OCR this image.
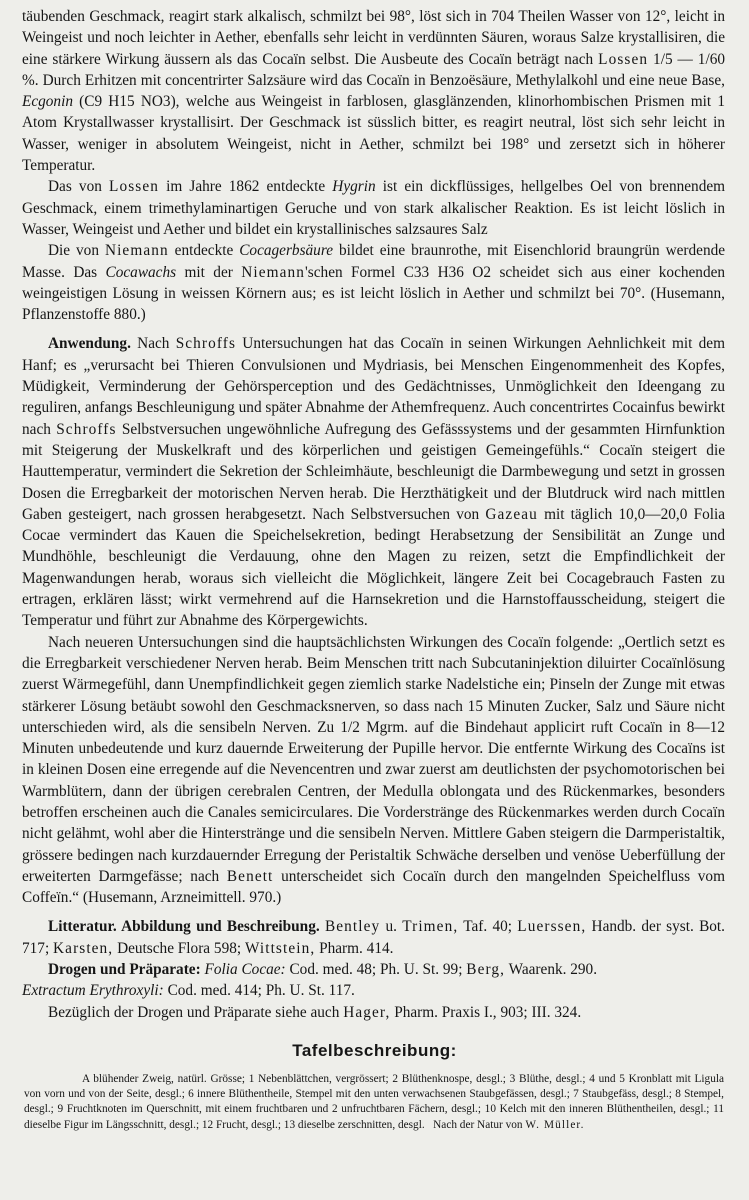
täubenden Geschmack, reagirt stark alkalisch, schmilzt bei 98°, löst sich in 704 Theilen Wasser von 12°, leicht in Weingeist und noch leichter in Aether, ebenfalls sehr leicht in verdünnten Säuren, woraus Salze krystallisiren, die eine stärkere Wirkung äussern als das Cocaïn selbst. Die Ausbeute des Cocaïn beträgt nach Lossen 1/5 — 1/60 %. Durch Erhitzen mit concentrirter Salzsäure wird das Cocaïn in Benzoësäure, Methylalkohl und eine neue Base, Ecgonin (C9 H15 NO3), welche aus Weingeist in farblosen, glasglänzenden, klinorhombischen Prismen mit 1 Atom Krystallwasser krystallisirt. Der Geschmack ist süsslich bitter, es reagirt neutral, löst sich sehr leicht in Wasser, weniger in absolutem Weingeist, nicht in Aether, schmilzt bei 198° und zersetzt sich in höherer Temperatur.

Das von Lossen im Jahre 1862 entdeckte Hygrin ist ein dickflüssiges, hellgelbes Oel von brennendem Geschmack, einem trimethylaminartigen Geruche und von stark alkalischer Reaktion. Es ist leicht löslich in Wasser, Weingeist und Aether und bildet ein krystallinisches salzsaures Salz

Die von Niemann entdeckte Cocagerbsäure bildet eine braunrothe, mit Eisenchlorid braungrün werdende Masse. Das Cocawachs mit der Niemann'schen Formel C33 H36 O2 scheidet sich aus einer kochenden weingeistigen Lösung in weissen Körnern aus; es ist leicht löslich in Aether und schmilzt bei 70°. (Husemann, Pflanzenstoffe 880.)

Anwendung. Nach Schroffs Untersuchungen hat das Cocaïn in seinen Wirkungen Aehnlichkeit mit dem Hanf; es „verursacht bei Thieren Convulsionen und Mydriasis, bei Menschen Eingenommenheit des Kopfes, Müdigkeit, Verminderung der Gehörsperception und des Gedächtnisses, Unmöglichkeit den Ideengang zu reguliren, anfangs Beschleunigung und später Abnahme der Athemfrequenz. Auch concentrirtes Cocainfus bewirkt nach Schroffs Selbstversuchen ungewöhnliche Aufregung des Gefässsystems und der gesammten Hirnfunktion mit Steigerung der Muskelkraft und des körperlichen und geistigen Gemeingefühls.“ Cocaïn steigert die Hauttemperatur, vermindert die Sekretion der Schleimhäute, beschleunigt die Darmbewegung und setzt in grossen Dosen die Erregbarkeit der motorischen Nerven herab. Die Herzthätigkeit und der Blutdruck wird nach mittlen Gaben gesteigert, nach grossen herabgesetzt. Nach Selbstversuchen von Gazeau mit täglich 10,0—20,0 Folia Cocae vermindert das Kauen die Speichelsekretion, bedingt Herabsetzung der Sensibilität an Zunge und Mundhöhle, beschleunigt die Verdauung, ohne den Magen zu reizen, setzt die Empfindlichkeit der Magenwandungen herab, woraus sich vielleicht die Möglichkeit, längere Zeit bei Cocagebrauch Fasten zu ertragen, erklären lässt; wirkt vermehrend auf die Harnsekretion und die Harnstoffausscheidung, steigert die Temperatur und führt zur Abnahme des Körpergewichts.

Nach neueren Untersuchungen sind die hauptsächlichsten Wirkungen des Cocaïn folgende: „Oertlich setzt es die Erregbarkeit verschiedener Nerven herab. Beim Menschen tritt nach Subcutaninjektion diluirter Cocaïnlösung zuerst Wärmegefühl, dann Unempfindlichkeit gegen ziemlich starke Nadelstiche ein; Pinseln der Zunge mit etwas stärkerer Lösung betäubt sowohl den Geschmacksnerven, so dass nach 15 Minuten Zucker, Salz und Säure nicht unterschieden wird, als die sensibeln Nerven. Zu 1/2 Mgrm. auf die Bindehaut applicirt ruft Cocaïn in 8—12 Minuten unbedeutende und kurz dauernde Erweiterung der Pupille hervor. Die entfernte Wirkung des Cocaïns ist in kleinen Dosen eine erregende auf die Nevencentren und zwar zuerst am deutlichsten der psychomotorischen bei Warmblütern, dann der übrigen cerebralen Centren, der Medulla oblongata und des Rückenmarkes, besonders betroffen erscheinen auch die Canales semicirculares. Die Vorderstränge des Rückenmarkes werden durch Cocaïn nicht gelähmt, wohl aber die Hinterstränge und die sensibeln Nerven. Mittlere Gaben steigern die Darmperistaltik, grössere bedingen nach kurzdauernder Erregung der Peristaltik Schwäche derselben und venöse Ueberfüllung der erweiterten Darmgefässe; nach Benett unterscheidet sich Cocaïn durch den mangelnden Speichelfluss vom Coffeïn.“ (Husemann, Arzneimittell. 970.)

Litteratur. Abbildung und Beschreibung. Bentley u. Trimen, Taf. 40; Luerssen, Handb. der syst. Bot. 717; Karsten, Deutsche Flora 598; Wittstein, Pharm. 414.

Drogen und Präparate: Folia Cocae: Cod. med. 48; Ph. U. St. 99; Berg, Waarenk. 290.
Extractum Erythroxyli: Cod. med. 414; Ph. U. St. 117.

Bezüglich der Drogen und Präparate siehe auch Hager, Pharm. Praxis I., 903; III. 324.

Tafelbeschreibung:

A blühender Zweig, natürl. Grösse; 1 Nebenblättchen, vergrössert; 2 Blüthenknospe, desgl.; 3 Blüthe, desgl.; 4 und 5 Kronblatt mit Ligula von vorn und von der Seite, desgl.; 6 innere Blüthentheile, Stempel mit den unten verwachsenen Staubgefässen, desgl.; 7 Staubgefäss, desgl.; 8 Stempel, desgl.; 9 Fruchtknoten im Querschnitt, mit einem fruchtbaren und 2 unfruchtbaren Fächern, desgl.; 10 Kelch mit den inneren Blüthentheilen, desgl.; 11 dieselbe Figur im Längsschnitt, desgl.; 12 Frucht, desgl.; 13 dieselbe zerschnitten, desgl. Nach der Natur von W. Müller.
